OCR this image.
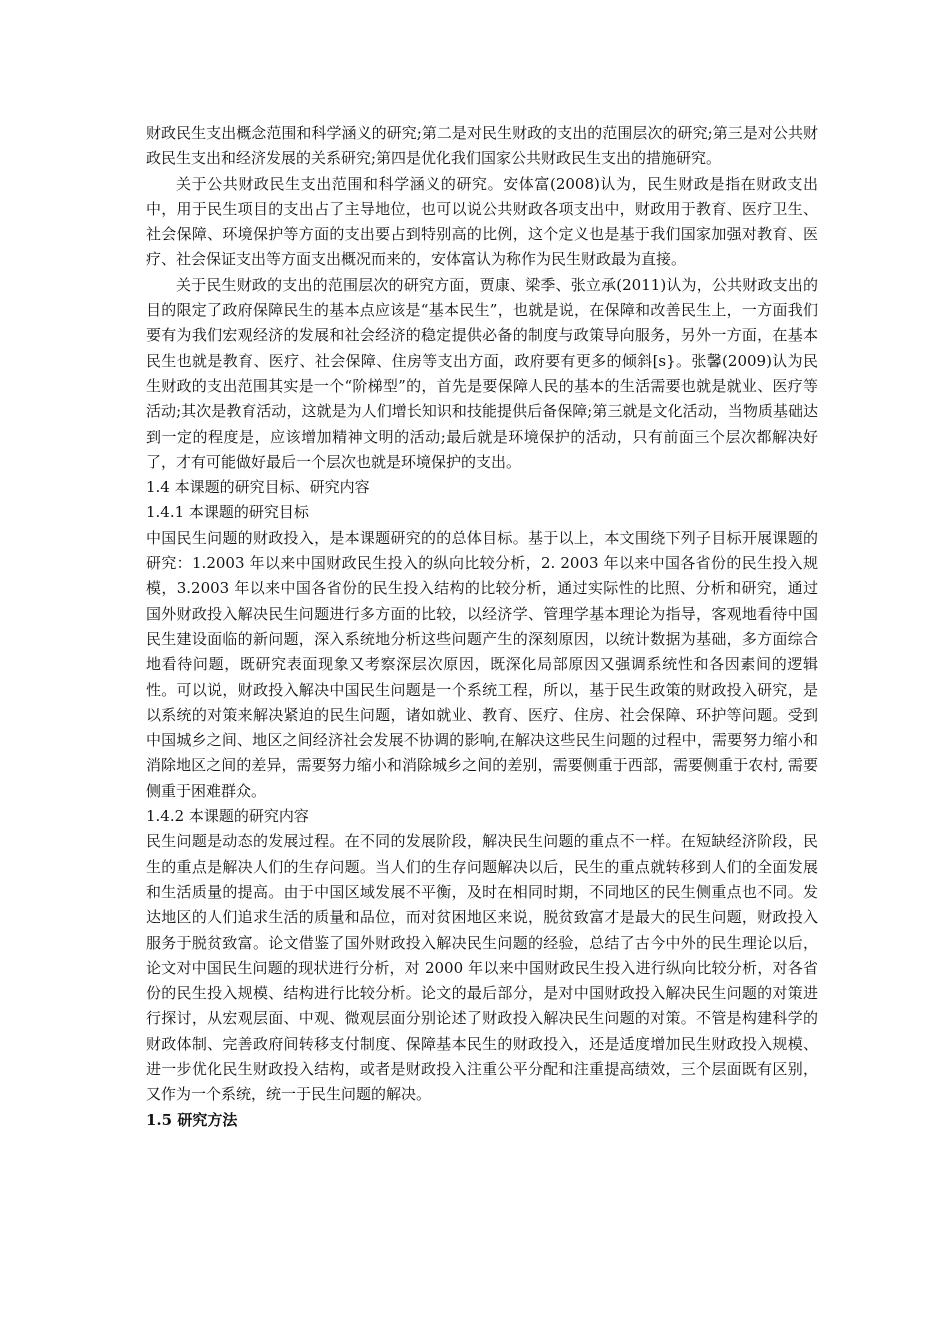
财政民生支出概念范围和科学涵义的研究;第二是对民生财政的支出的范围层次的研究;第三是对公共财政民生支出和经济发展的关系研究;第四是优化我们国家公共财政民生支出的措施研究。

关于公共财政民生支出范围和科学涵义的研究。安体富(2008)认为，民生财政是指在财政支出中，用于民生项目的支出占了主导地位，也可以说公共财政各项支出中，财政用于教育、医疗卫生、社会保障、环境保护等方面的支出要占到特别高的比例，这个定义也是基于我们国家加强对教育、医疗、社会保证支出等方面支出概况而来的，安体富认为称作为民生财政最为直接。

关于民生财政的支出的范围层次的研究方面，贾康、梁季、张立承(2011)认为，公共财政支出的目的限定了政府保障民生的基本点应该是“基本民生”，也就是说，在保障和改善民生上，一方面我们要有为我们宏观经济的发展和社会经济的稳定提供必备的制度与政策导向服务，另外一方面，在基本民生也就是教育、医疗、社会保障、住房等支出方面，政府要有更多的倾斜[s}。张馨(2009)认为民生财政的支出范围其实是一个“阶梯型”的，首先是要保障人民的基本的生活需要也就是就业、医疗等活动;其次是教育活动，这就是为人们增长知识和技能提供后备保障;第三就是文化活动，当物质基础达到一定的程度是，应该增加精神文明的活动;最后就是环境保护的活动，只有前面三个层次都解决好了，才有可能做好最后一个层次也就是环境保护的支出。

1.4 本课题的研究目标、研究内容

1.4.1 本课题的研究目标

中国民生问题的财政投入，是本课题研究的的总体目标。基于以上，本文围绕下列子目标开展课题的研究：1.2003 年以来中国财政民生投入的纵向比较分析，2. 2003 年以来中国各省份的民生投入规模，3.2003 年以来中国各省份的民生投入结构的比较分析，通过实际性的比照、分析和研究，通过国外财政投入解决民生问题进行多方面的比较，以经济学、管理学基本理论为指导，客观地看待中国民生建设面临的新问题，深入系统地分析这些问题产生的深刻原因，以统计数据为基础，多方面综合地看待问题，既研究表面现象又考察深层次原因，既深化局部原因又强调系统性和各因素间的逻辑性。可以说，财政投入解决中国民生问题是一个系统工程，所以，基于民生政策的财政投入研究，是以系统的对策来解决紧迫的民生问题，诸如就业、教育、医疗、住房、社会保障、环护等问题。受到中国城乡之间、地区之间经济社会发展不协调的影响,在解决这些民生问题的过程中，需要努力缩小和消除地区之间的差异，需要努力缩小和消除城乡之间的差别，需要侧重于西部，需要侧重于农村, 需要侧重于困难群众。

1.4.2 本课题的研究内容

民生问题是动态的发展过程。在不同的发展阶段，解决民生问题的重点不一样。在短缺经济阶段，民生的重点是解决人们的生存问题。当人们的生存问题解决以后，民生的重点就转移到人们的全面发展和生活质量的提高。由于中国区域发展不平衡，及时在相同时期，不同地区的民生侧重点也不同。发达地区的人们追求生活的质量和品位，而对贫困地区来说，脱贫致富才是最大的民生问题，财政投入服务于脱贫致富。论文借鉴了国外财政投入解决民生问题的经验，总结了古今中外的民生理论以后，论文对中国民生问题的现状进行分析，对 2000 年以来中国财政民生投入进行纵向比较分析，对各省份的民生投入规模、结构进行比较分析。论文的最后部分，是对中国财政投入解决民生问题的对策进行探讨，从宏观层面、中观、微观层面分别论述了财政投入解决民生问题的对策。不管是构建科学的财政体制、完善政府间转移支付制度、保障基本民生的财政投入，还是适度增加民生财政投入规模、进一步优化民生财政投入结构，或者是财政投入注重公平分配和注重提高绩效，三个层面既有区别，又作为一个系统，统一于民生问题的解决。

1.5 研究方法
